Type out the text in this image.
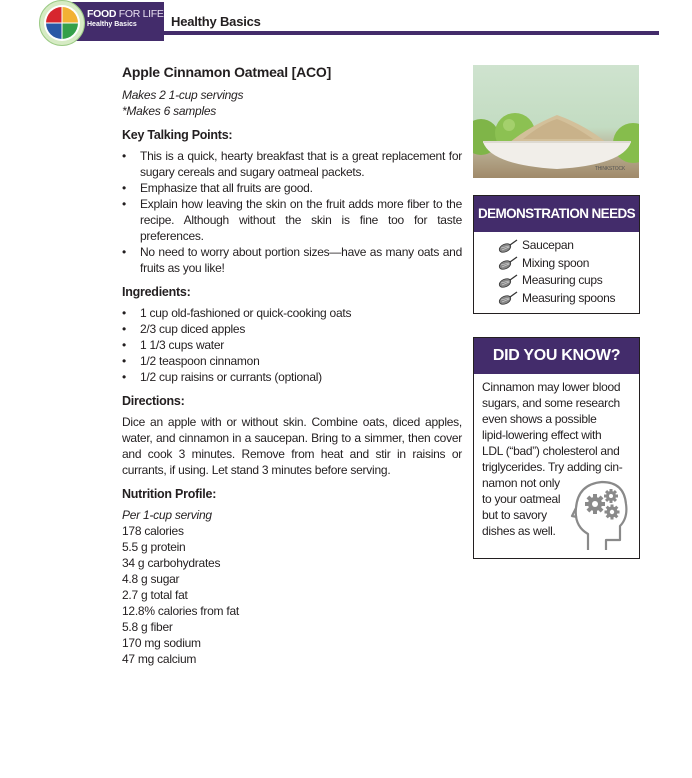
FOOD FOR LIFE
Healthy Basics	Healthy Basics
Apple Cinnamon Oatmeal [ACO]
Makes 2 1-cup servings
*Makes 6 samples
Key Talking Points:
• This is a quick, hearty breakfast that is a great replacement for sugary cereals and sugary oatmeal packets.
• Emphasize that all fruits are good.
• Explain how leaving the skin on the fruit adds more fiber to the recipe. Although without the skin is fine too for taste preferences.
• No need to worry about portion sizes—have as many oats and fruits as you like!
Ingredients:
• 1 cup old-fashioned or quick-cooking oats
• 2/3 cup diced apples
• 1 1/3 cups water
• 1/2 teaspoon cinnamon
• 1/2 cup raisins or currants (optional)
Directions:
Dice an apple with or without skin. Combine oats, diced apples, water, and cinnamon in a saucepan. Bring to a simmer, then cover and cook 3 minutes. Remove from heat and stir in raisins or currants, if using. Let stand 3 minutes before serving.
Nutrition Profile:
Per 1-cup serving
178 calories
5.5 g protein
34 g carbohydrates
4.8 g sugar
2.7 g total fat
12.8% calories from fat
5.8 g fiber
170 mg sodium
47 mg calcium
THINKSTOCK
DEMONSTRATION NEEDS
Saucepan
Mixing spoon
Measuring cups
Measuring spoons
DID YOU KNOW?
Cinnamon may lower blood
sugars, and some research
even shows a possible
lipid-lowering effect with
LDL (“bad”) cholesterol and
triglycerides. Try adding cin-
namon not only
to your oatmeal
but to savory
dishes as well.
